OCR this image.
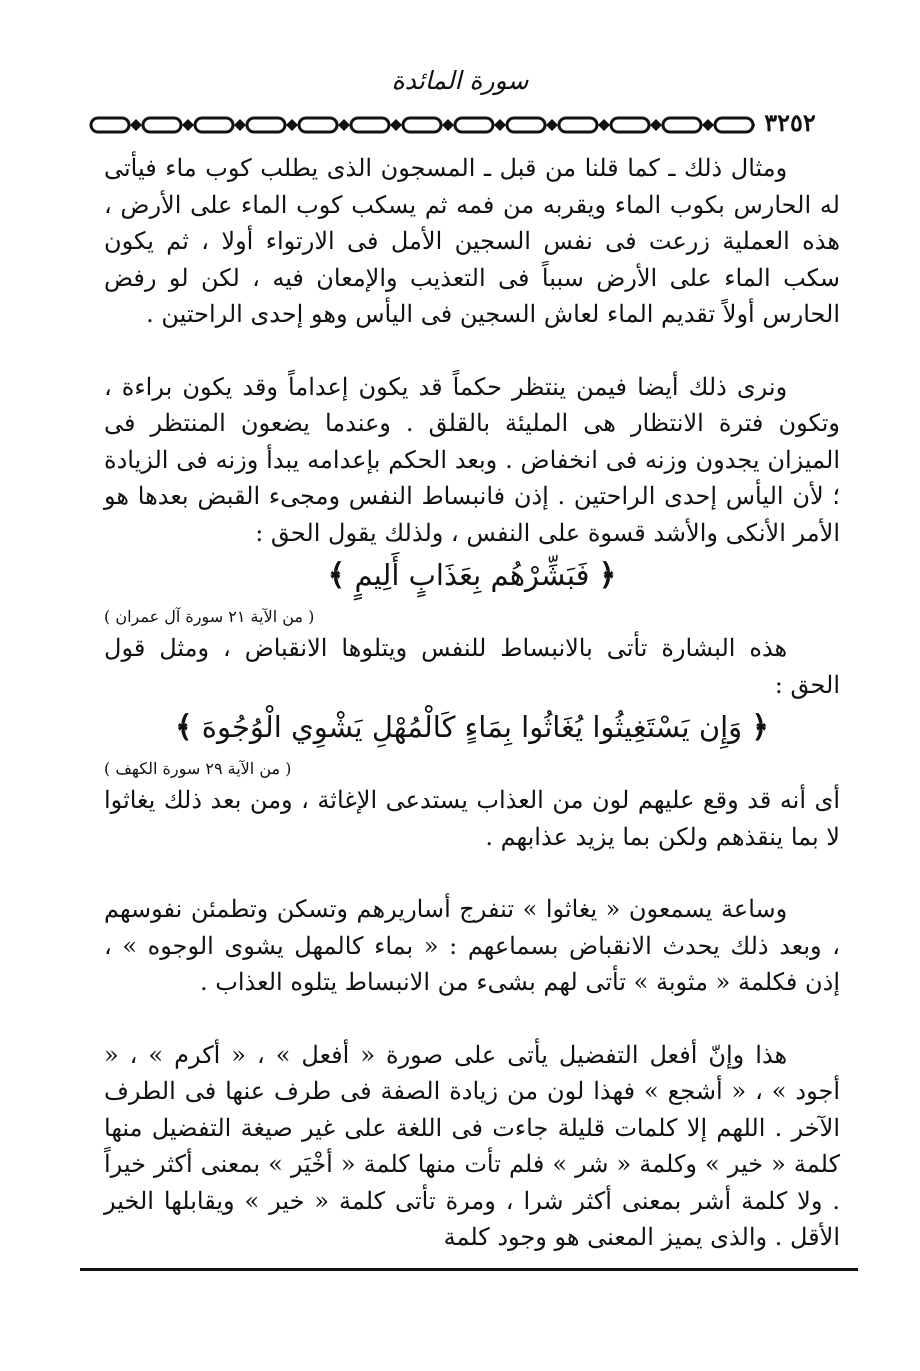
سورة المائدة
٣٢٥٢

ومثال ذلك ـ كما قلنا من قبل ـ المسجون الذى يطلب كوب ماء فيأتى له الحارس بكوب الماء ويقربه من فمه ثم يسكب كوب الماء على الأرض ، هذه العملية زرعت فى نفس السجين الأمل فى الارتواء أولا ، ثم يكون سكب الماء على الأرض سبباً فى التعذيب والإمعان فيه ، لكن لو رفض الحارس أولاً تقديم الماء لعاش السجين فى اليأس وهو إحدى الراحتين .

ونرى ذلك أيضا فيمن ينتظر حكماً قد يكون إعداماً وقد يكون براءة ، وتكون فترة الانتظار هى المليئة بالقلق . وعندما يضعون المنتظر فى الميزان يجدون وزنه فى انخفاض . وبعد الحكم بإعدامه يبدأ وزنه فى الزيادة ؛ لأن اليأس إحدى الراحتين . إذن فانبساط النفس ومجىء القبض بعدها هو الأمر الأنكى والأشد قسوة على النفس ، ولذلك يقول الحق :

﴿ فَبَشِّرْهُم بِعَذَابٍ أَلِيمٍ ﴾
( من الآية ٢١ سورة آل عمران )

هذه البشارة تأتى بالانبساط للنفس ويتلوها الانقباض ، ومثل قول الحق :

﴿ وَإِن يَسْتَغِيثُوا يُغَاثُوا بِمَاءٍ كَالْمُهْلِ يَشْوِي الْوُجُوهَ ﴾
( من الآية ٢٩ سورة الكهف )

أى أنه قد وقع عليهم لون من العذاب يستدعى الإغاثة ، ومن بعد ذلك يغاثوا لا بما ينقذهم ولكن بما يزيد عذابهم .

وساعة يسمعون « يغاثوا » تنفرج أساريرهم وتسكن وتطمئن نفوسهم ، وبعد ذلك يحدث الانقباض بسماعهم : « بماء كالمهل يشوى الوجوه » ، إذن فكلمة « مثوبة » تأتى لهم بشىء من الانبساط يتلوه العذاب .

هذا وإنّ أفعل التفضيل يأتى على صورة « أفعل » ، « أكرم » ، « أجود » ، « أشجع » فهذا لون من زيادة الصفة فى طرف عنها فى الطرف الآخر . اللهم إلا كلمات قليلة جاءت فى اللغة على غير صيغة التفضيل منها كلمة « خير » وكلمة « شر » فلم تأت منها كلمة « أخْيَر » بمعنى أكثر خيراً . ولا كلمة أشر بمعنى أكثر شرا ، ومرة تأتى كلمة « خير » ويقابلها الخير الأقل . والذى يميز المعنى هو وجود كلمة
